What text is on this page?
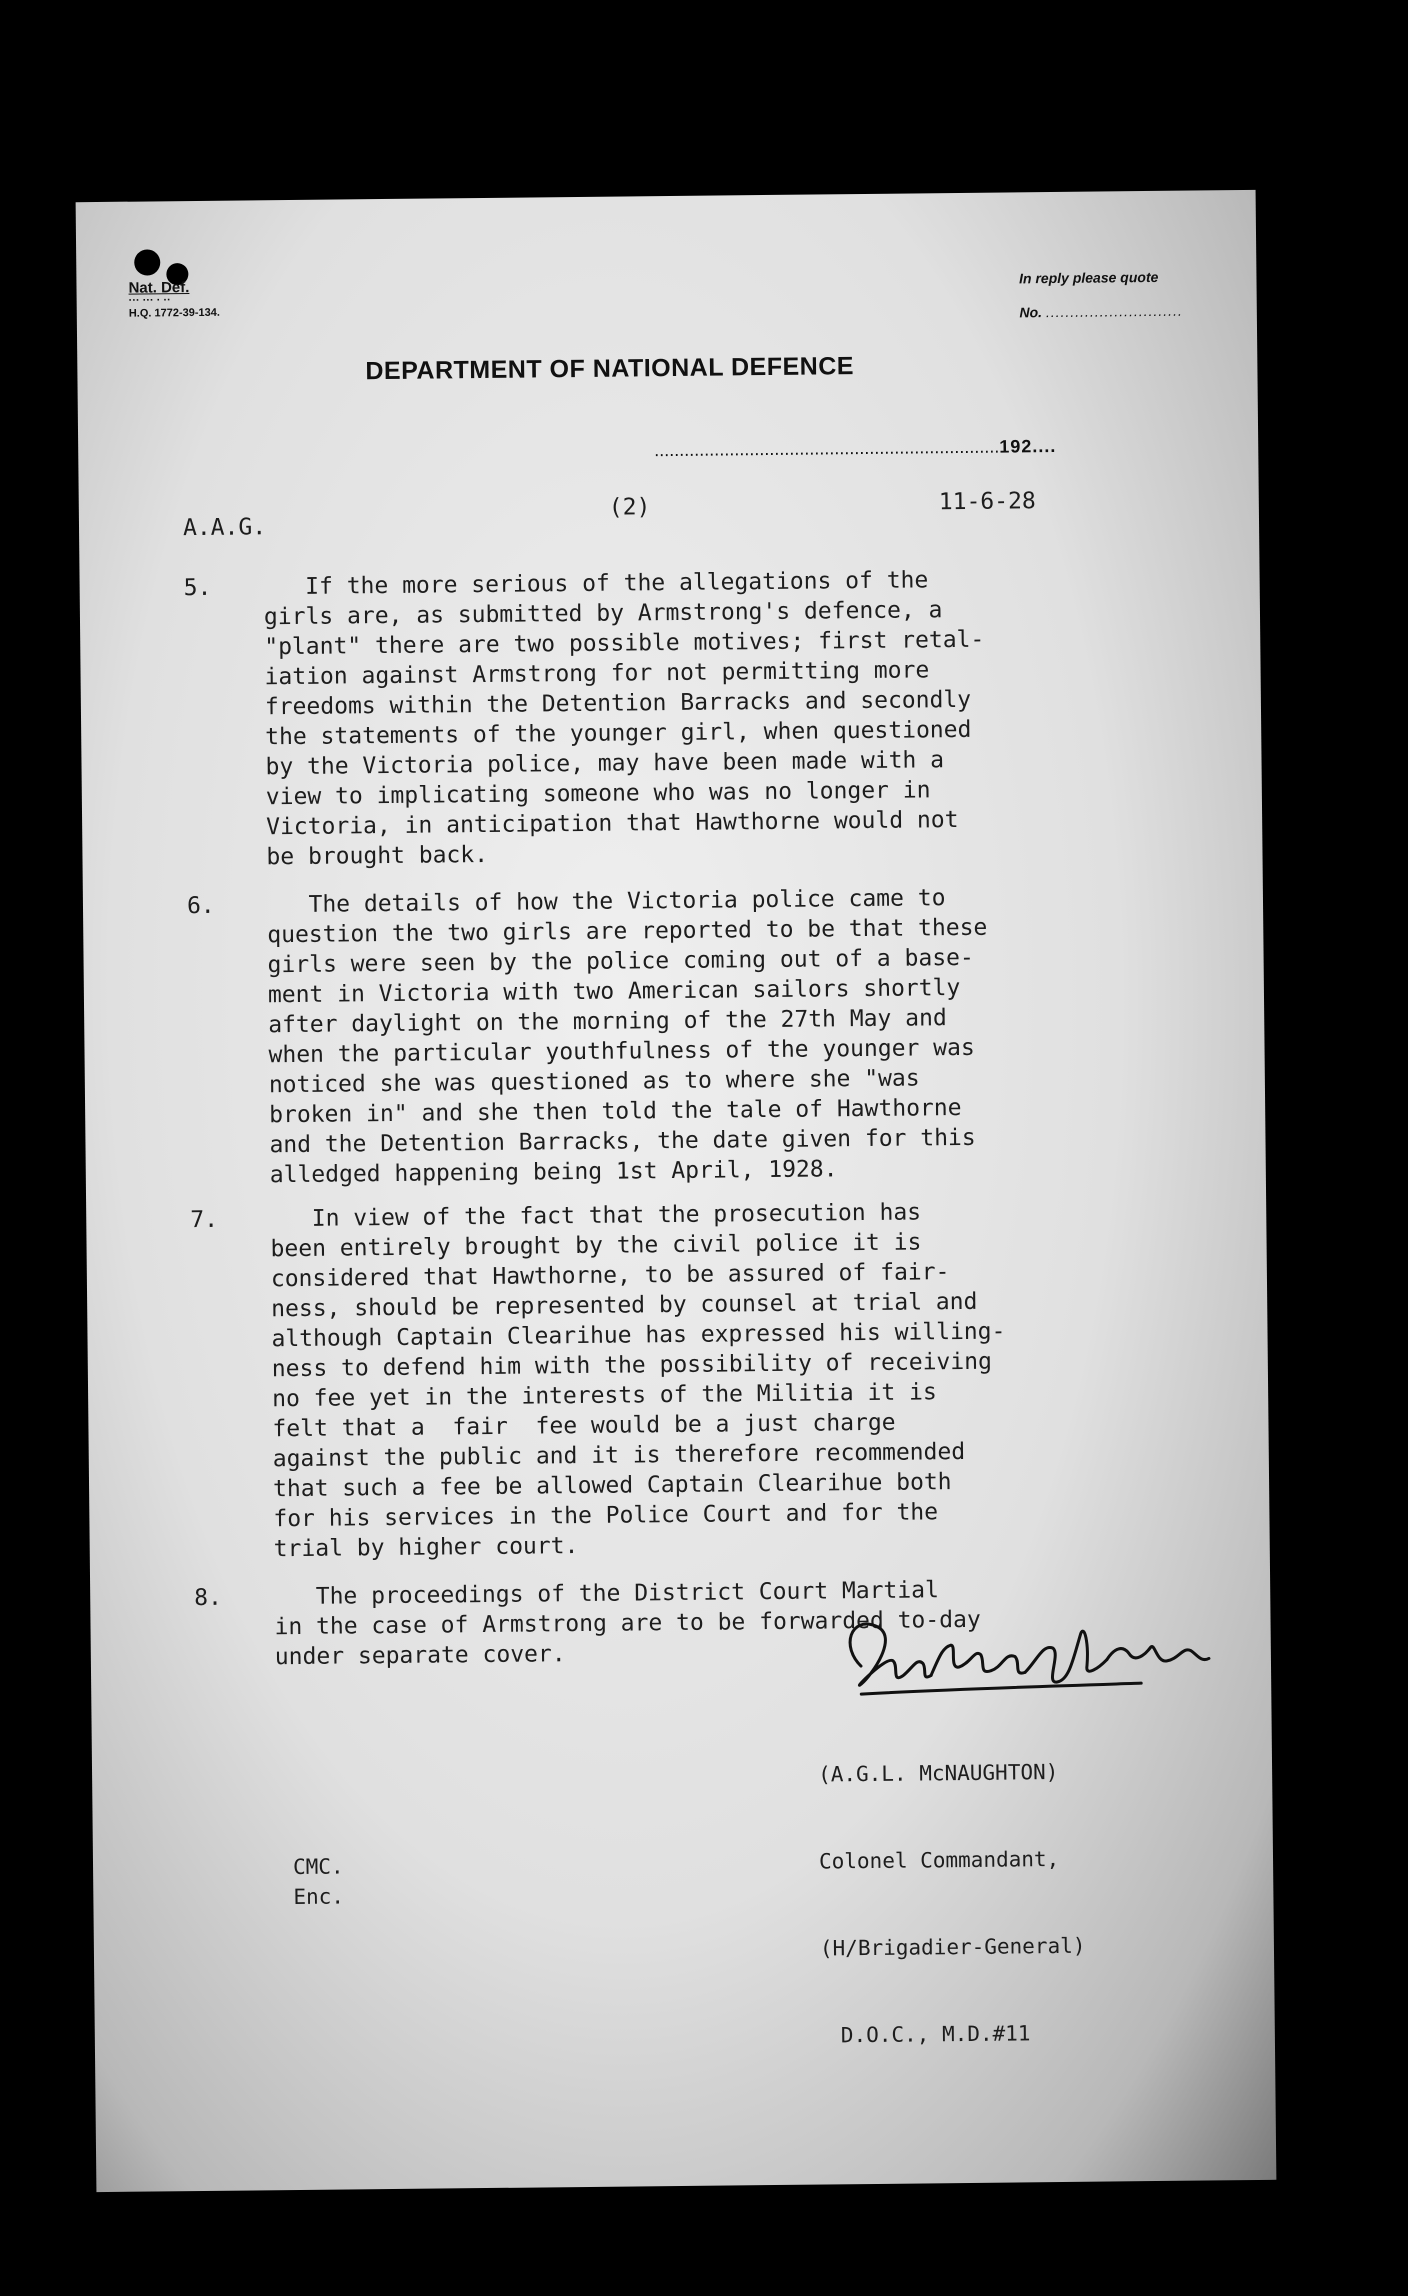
Nat. Def.
··· ··· · ··
H.Q. 1772-39-134.
In reply please quote
No. ............................
DEPARTMENT OF NATIONAL DEFENCE
.....................................................................192....
A.A.G.
(2)	11-6-28
5. If the more serious of the allegations of the
girls are, as submitted by Armstrong's defence, a
"plant" there are two possible motives; first retal-
iation against Armstrong for not permitting more
freedoms within the Detention Barracks and secondly
the statements of the younger girl, when questioned
by the Victoria police, may have been made with a
view to implicating someone who was no longer in
Victoria, in anticipation that Hawthorne would not
be brought back.
6. The details of how the Victoria police came to
question the two girls are reported to be that these
girls were seen by the police coming out of a base-
ment in Victoria with two American sailors shortly
after daylight on the morning of the 27th May and
when the particular youthfulness of the younger was
noticed she was questioned as to where she "was
broken in" and she then told the tale of Hawthorne
and the Detention Barracks, the date given for this
alledged happening being 1st April, 1928.
7. In view of the fact that the prosecution has
been entirely brought by the civil police it is
considered that Hawthorne, to be assured of fair-
ness, should be represented by counsel at trial and
although Captain Clearihue has expressed his willing-
ness to defend him with the possibility of receiving
no fee yet in the interests of the Militia it is
felt that a  fair  fee would be a just charge
against the public and it is therefore recommended
that such a fee be allowed Captain Clearihue both
for his services in the Police Court and for the
trial by higher court.
8. The proceedings of the District Court Martial
in the case of Armstrong are to be forwarded to-day
under separate cover.

(A.G.L. McNAUGHTON)

Colonel Commandant,

(H/Brigadier-General)

D.O.C., M.D.#11

CMC.
Enc.
